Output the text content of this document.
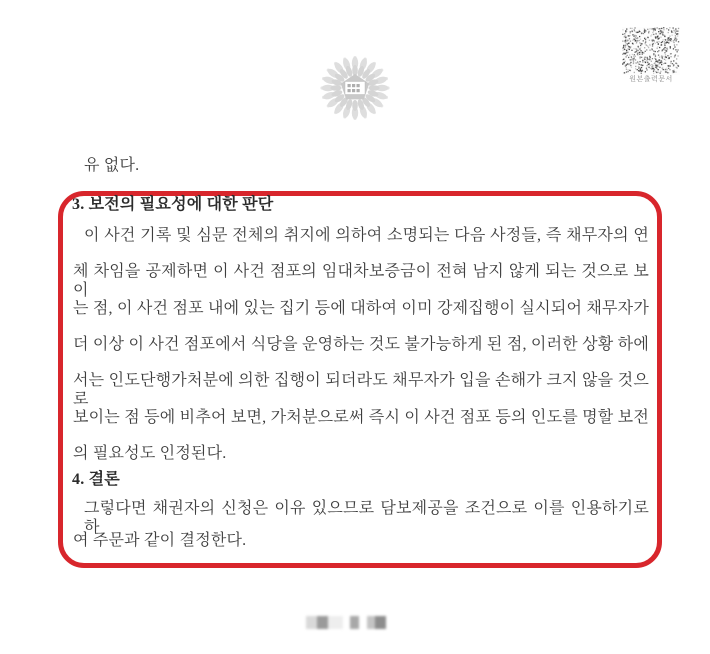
원본출력문서
유 없다.
3. 보전의 필요성에 대한 판단
이 사건 기록 및 심문 전체의 취지에 의하여 소명되는 다음 사정들, 즉 채무자의 연
체 차임을 공제하면 이 사건 점포의 임대차보증금이 전혀 남지 않게 되는 것으로 보이
는 점, 이 사건 점포 내에 있는 집기 등에 대하여 이미 강제집행이 실시되어 채무자가
더 이상 이 사건 점포에서 식당을 운영하는 것도 불가능하게 된 점, 이러한 상황 하에
서는 인도단행가처분에 의한 집행이 되더라도 채무자가 입을 손해가 크지 않을 것으로
보이는 점 등에 비추어 보면, 가처분으로써 즉시 이 사건 점포 등의 인도를 명할 보전
의 필요성도 인정된다.
4. 결론
그렇다면 채권자의 신청은 이유 있으므로 담보제공을 조건으로 이를 인용하기로 하
여 주문과 같이 결정한다.
